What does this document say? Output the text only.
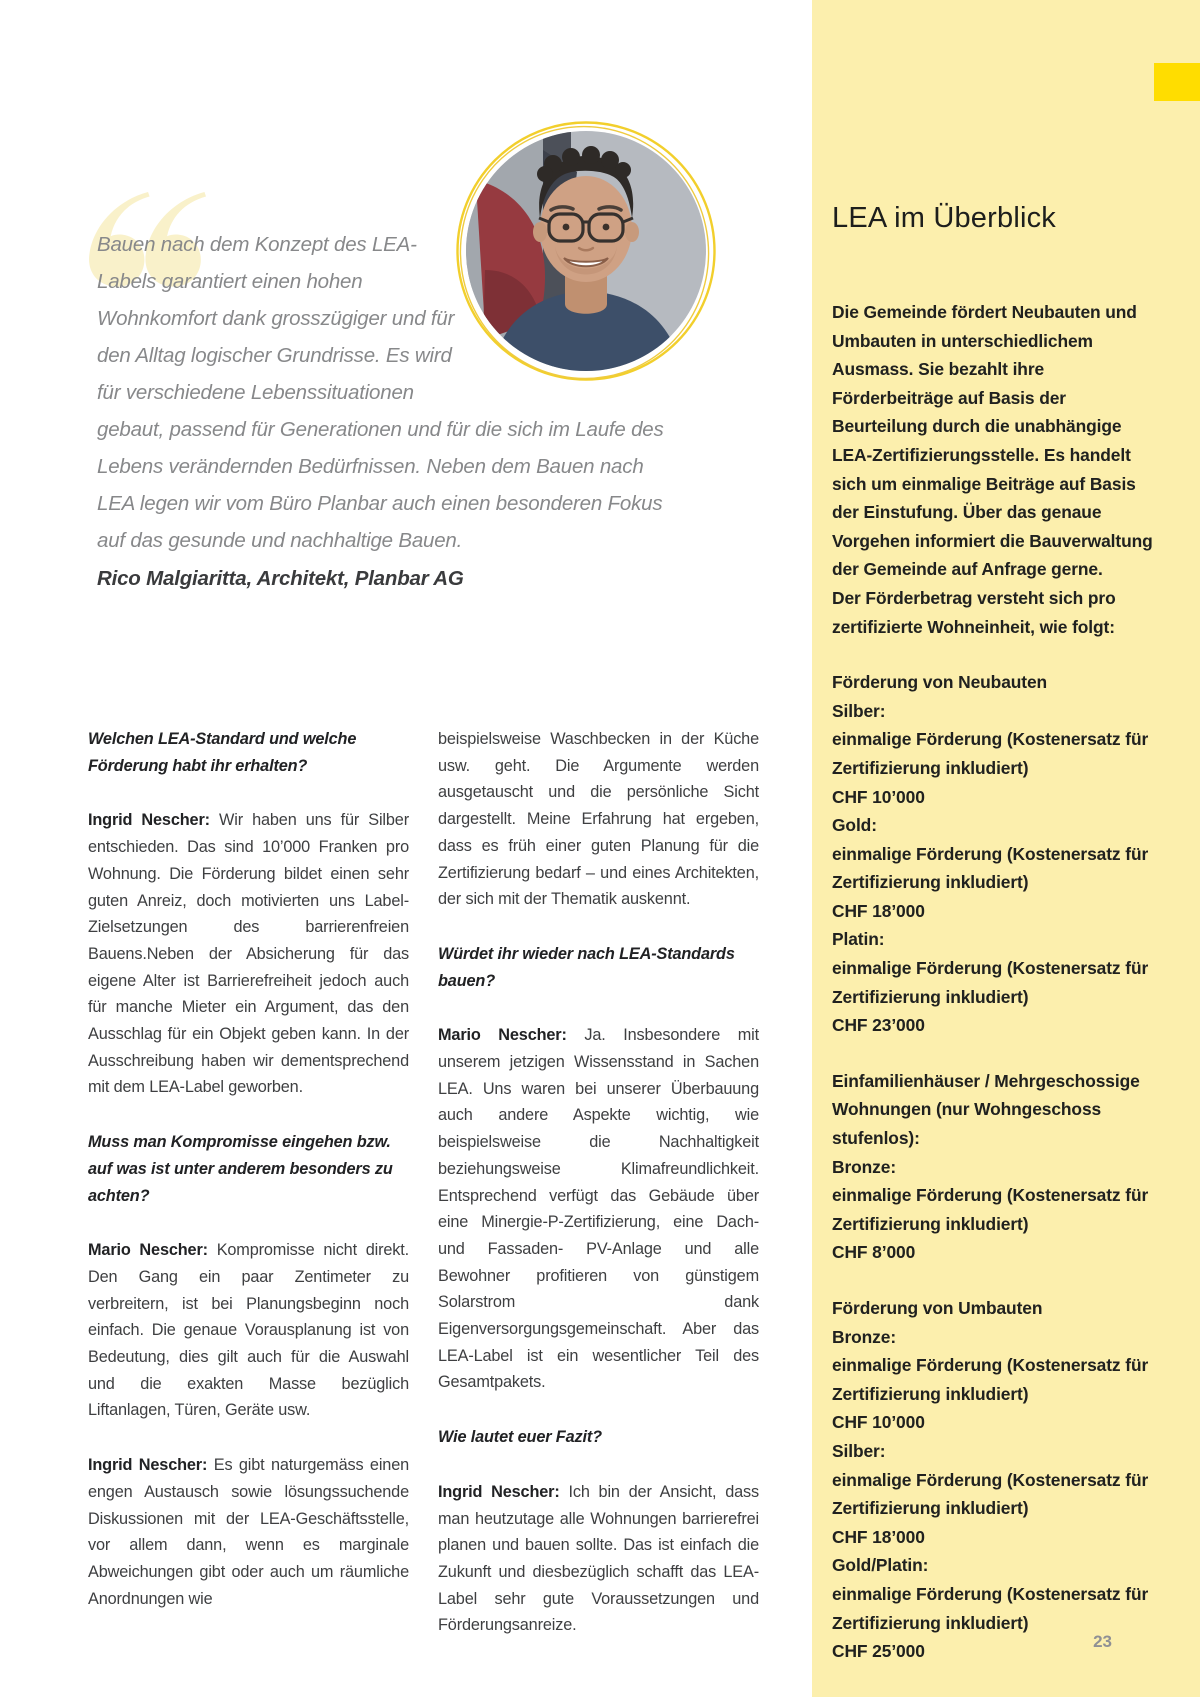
Bauen nach dem Konzept des LEA-Labels garantiert einen hohen Wohnkomfort dank grosszügiger und für den Alltag logischer Grundrisse. Es wird für verschiedene Lebenssituationen gebaut, passend für Generationen und für die sich im Laufe des Lebens verändernden Bedürfnissen. Neben dem Bauen nach LEA legen wir vom Büro Planbar auch einen besonderen Fokus auf das gesunde und nachhaltige Bauen.
Rico Malgiaritta, Architekt, Planbar AG

Welchen LEA-Standard und welche Förderung habt ihr erhalten?

Ingrid Nescher: Wir haben uns für Silber entschieden. Das sind 10’000 Franken pro Wohnung. Die Förderung bildet einen sehr guten Anreiz, doch motivierten uns Label-Zielsetzungen des barrierenfreien Bauens.Neben der Absicherung für das eigene Alter ist Barrierefreiheit jedoch auch für manche Mieter ein Argument, das den Ausschlag für ein Objekt geben kann. In der Ausschreibung haben wir dementsprechend mit dem LEA-Label geworben.

Muss man Kompromisse eingehen bzw. auf was ist unter anderem besonders zu achten?

Mario Nescher: Kompromisse nicht direkt. Den Gang ein paar Zentimeter zu verbreitern, ist bei Planungsbeginn noch einfach. Die genaue Vorausplanung ist von Bedeutung, dies gilt auch für die Auswahl und die exakten Masse bezüglich Liftanlagen, Türen, Geräte usw.

Ingrid Nescher: Es gibt naturgemäss einen engen Austausch sowie lösungssuchende Diskussionen mit der LEA-Geschäftsstelle, vor allem dann, wenn es marginale Abweichungen gibt oder auch um räumliche Anordnungen wie

beispielsweise Waschbecken in der Küche usw. geht. Die Argumente werden ausgetauscht und die persönliche Sicht dargestellt. Meine Erfahrung hat ergeben, dass es früh einer guten Planung für die Zertifizierung bedarf – und eines Architekten, der sich mit der Thematik auskennt.

Würdet ihr wieder nach LEA-Standards bauen?

Mario Nescher: Ja. Insbesondere mit unserem jetzigen Wissensstand in Sachen LEA. Uns waren bei unserer Überbauung auch andere Aspekte wichtig, wie beispielsweise die Nachhaltigkeit beziehungsweise Klimafreundlichkeit. Entsprechend verfügt das Gebäude über eine Minergie-P-Zertifizierung, eine Dach- und Fassaden- PV-Anlage und alle Bewohner profitieren von günstigem Solarstrom dank Eigenversorgungsgemeinschaft. Aber das LEA-Label ist ein wesentlicher Teil des Gesamtpakets.

Wie lautet euer Fazit?

Ingrid Nescher: Ich bin der Ansicht, dass man heutzutage alle Wohnungen barrierefrei planen und bauen sollte. Das ist einfach die Zukunft und diesbezüglich schafft das LEA-Label sehr gute Voraussetzungen und Förderungsanreize.

LEA im Überblick
Die Gemeinde fördert Neubauten und Umbauten in unterschiedlichem Ausmass. Sie bezahlt ihre Förderbeiträge auf Basis der Beurteilung durch die unabhängige LEA-Zertifizierungsstelle. Es handelt sich um einmalige Beiträge auf Basis der Einstufung. Über das genaue Vorgehen informiert die Bauverwaltung der Gemeinde auf Anfrage gerne.
Der Förderbetrag versteht sich pro zertifizierte Wohneinheit, wie folgt:
Förderung von Neubauten
Silber:
einmalige Förderung (Kostenersatz für Zertifizierung inkludiert)
CHF 10’000
Gold:
einmalige Förderung (Kostenersatz für Zertifizierung inkludiert)
CHF 18’000
Platin:
einmalige Förderung (Kostenersatz für Zertifizierung inkludiert)
CHF 23’000
Einfamilienhäuser / Mehrgeschossige Wohnungen (nur Wohngeschoss stufenlos):
Bronze:
einmalige Förderung (Kostenersatz für Zertifizierung inkludiert)
CHF 8’000
Förderung von Umbauten
Bronze:
einmalige Förderung (Kostenersatz für Zertifizierung inkludiert)
CHF 10’000
Silber:
einmalige Förderung (Kostenersatz für Zertifizierung inkludiert)
CHF 18’000
Gold/Platin:
einmalige Förderung (Kostenersatz für Zertifizierung inkludiert)
CHF 25’000	23
